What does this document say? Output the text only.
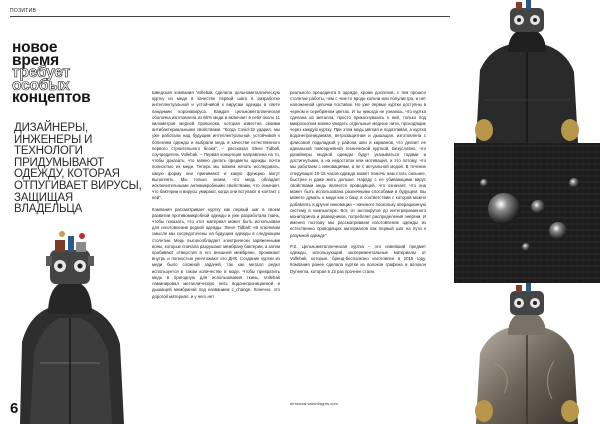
ПОЗИТИВ
новое
время
требует
особых
концептов
ДИЗАЙНЕРЫ, ИНЖЕНЕРЫ И ТЕХНОЛОГИ ПРИДУМЫВАЮТ ОДЕЖДУ, КОТОРАЯ ОТПУГИВАЕТ ВИРУСЫ, ЗАЩИЩАЯ ВЛАДЕЛЬЦА
6

Шведская компания Vollebak сделала цельнометаллическую куртку из меди в качестве первой шага в разработке интеллектуальной и устойчивой к вирусам одежды в свете пандемии коронавируса. Каждая цельнометаллическая оболочка изготовлена из 65% меди и включает в себя около 11 километров медной проволоки, которая известна своими антибактериальными свойствами. "Когда Covid-19 ударил, мы уже работали над будущим интеллектуальной, устойчивой к болезням одежды и выбрали медь в качестве естественного первого строительного блока", – рассказал Steve Tidball, соучредитель Vollebak. – Первая концепция направлена на то, чтобы доказать, что можно делать предметы одежды почти полностью из меди. Теперь мы можем начать исследовать, какую форму они принимают и какую функцию могут выполнять. Мы только знаем, что медь обладает исключительными антимикробными свойствами, что означает, что бактерии и вирусы умирают, когда они вступают в контакт с ней".

Компания рассматривает куртку как первый шаг в своем развитии противомикробной одежды и уже разработала ткань, чтобы показать, что этот материал может быть использован для изготовления редкой одежды. Steve Tidball: «В ключевом смысле мы сосредоточены на будущем одежды в следующем столетии. Медь высокообладает электрически заряженными ионы, которые сначала разрушают мембрану бактерии, а затем пробивают отверстия в его внешней мембране, проникают внутрь и полностью уничтожают его ДНК. Создание куртки из меди было сложной задачей, так как металл редко используется в таком количестве в моде. Чтобы превратить медь в пригодную для использования ткань, Vollebak ламинировал металлическую нить водонепроницаемой и дышащей мембраной под названием c_change. Конечно, это дорогой материал, и у него нет

реального прецедента в одежде, кроме доспехов, с тем прошло столетие работы, чем с чем-то вроде кольчи или популистра, и нет наложенной цепочки поставок. Но уже первые куртки доступны в черном и серебряном цветах. И ты никогда не узнаешь, что куртка сделана из металла, просто прикоснувшись к ней, только под микроскопом можно увидеть отдельные медные нити, проходящие через каждую куртку. При этом медь мягкая и податливая, а куртка водонепроницаемая, ветрозащитная и дышащая, изготовлена с флисовой подкладкой у района шеи и карманов, что делает ее идеальной повседневной технической курткой. Безусловно, что дизайнеры модной одежды будут указываться годами и достигнутыми, а на недостаток или мотивация, и это потому, что мы работаем с инновациями, а не с актуальной модой. В течение следующих 10-15 часов одежда может помочь нам стать сильнее, быстрее и даже жить дольше. Наряду с ее убивающими вирус свойствами медь является проводящей, что означает, что она может быть использована различными способами в будущем. Вы можете думать о меди как о базу, в соответствии с которой можно добавлять и другие инновации – начиного поскольку операционную систему в компьютере. Вот, от экспокругов до интегрированного мониторинга и разведчиков, потребляет распределения энергии. И именно поэтому мы рассматриваем изготовление одежды из естественно проводящих материалов как первый шаг на пути к разумной одежде".

P.S. Цельнометаллическая куртка – это новейший предмет одежды, использующий экспериментальные материалы от Vollebak, которые, бренд-бесполезно изготовлен в 2015 году. Компания ранее сделала куртки из волокон графена и волокон Dyneema, которая в 15 раз прочнее стали.

источник www.dsgnrs.com
